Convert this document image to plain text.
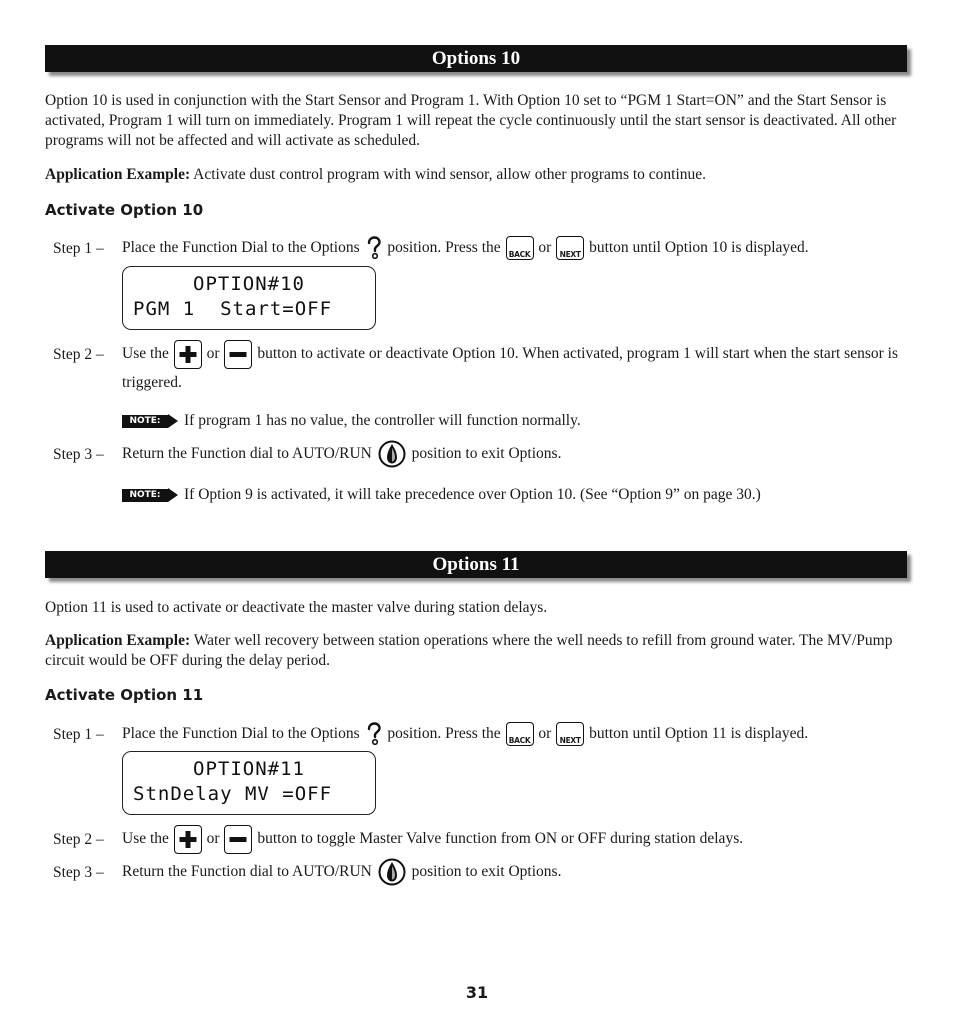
Options 10

Option 10 is used in conjunction with the Start Sensor and Program 1. With Option 10 set to “PGM 1 Start=ON” and the Start Sensor is activated, Program 1 will turn on immediately. Program 1 will repeat the cycle continuously until the start sensor is deactivated. All other programs will not be affected and will activate as scheduled.

Application Example: Activate dust control program with wind sensor, allow other programs to continue.

Activate Option 10
Step 1 – Place the Function Dial to the Options  position. Press the BACK or NEXT button until Option 10 is displayed.
OPTION#10
PGM 1  Start=OFF
Step 2 – Use the
or
button to activate or deactivate Option 10. When activated, program 1 will start when the start sensor is triggered.
NOTE:	If program 1 has no value, the controller will function normally.
Step 3 – Return the Function dial to AUTO/RUN  position to exit Options.
NOTE:	If Option 9 is activated, it will take precedence over Option 10. (See “Option 9” on page 30.)
Options 11

Option 11 is used to activate or deactivate the master valve during station delays.

Application Example: Water well recovery between station operations where the well needs to refill from ground water. The MV/Pump circuit would be OFF during the delay period.

Activate Option 11
Step 1 – Place the Function Dial to the Options  position. Press the BACK or NEXT button until Option 11 is displayed.
OPTION#11
StnDelay MV =OFF
Step 2 – Use the
or
button to toggle Master Valve function from ON or OFF during station delays.
Step 3 – Return the Function dial to AUTO/RUN  position to exit Options.
31
